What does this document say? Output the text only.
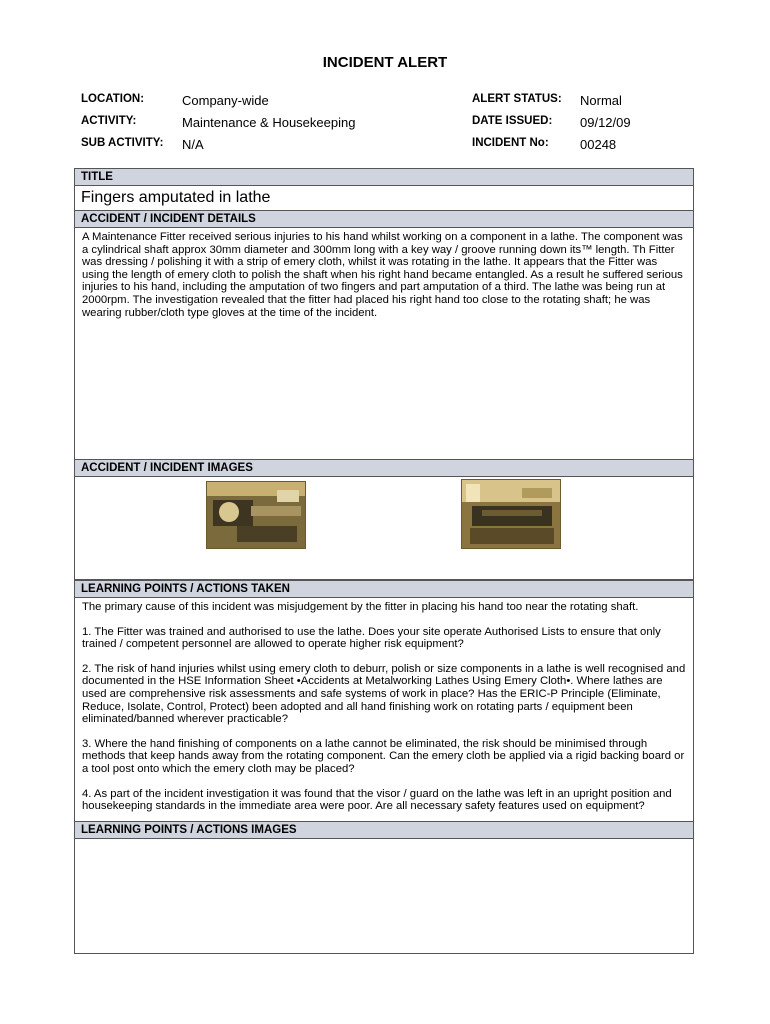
INCIDENT ALERT
LOCATION:	Company-wide
ACTIVITY:	Maintenance & Housekeeping
SUB ACTIVITY: N/A
ALERT STATUS: Normal
DATE ISSUED: 09/12/09
INCIDENT No: 00248
TITLE
Fingers amputated in lathe
ACCIDENT / INCIDENT DETAILS
A Maintenance Fitter received serious injuries to his hand whilst working on a component in a lathe. The component was a cylindrical shaft approx 30mm diameter and 300mm long with a key way / groove running down its™ length. Th Fitter was dressing / polishing it with a strip of emery cloth, whilst it was rotating in the lathe. It appears that the Fitter was using the length of emery cloth to polish the shaft when his right hand became entangled. As a result he suffered serious injuries to his hand, including the amputation of two fingers and part amputation of a third. The lathe was being run at 2000rpm. The investigation revealed that the fitter had placed his right hand too close to the rotating shaft; he was wearing rubber/cloth type gloves at the time of the incident.
ACCIDENT / INCIDENT IMAGES
LEARNING POINTS / ACTIONS TAKEN

The primary cause of this incident was misjudgement by the fitter in placing his hand too near the rotating shaft.

1. The Fitter was trained and authorised to use the lathe. Does your site operate Authorised Lists to ensure that only trained / competent personnel are allowed to operate higher risk equipment?

2. The risk of hand injuries whilst using emery cloth to deburr, polish or size components in a lathe is well recognised and documented in the HSE Information Sheet •Accidents at Metalworking Lathes Using Emery Cloth•. Where lathes are used are comprehensive risk assessments and safe systems of work in place? Has the ERIC-P Principle (Eliminate, Reduce, Isolate, Control, Protect) been adopted and all hand finishing work on rotating parts / equipment been eliminated/banned wherever practicable?

3. Where the hand finishing of components on a lathe cannot be eliminated, the risk should be minimised through methods that keep hands away from the rotating component. Can the emery cloth be applied via a rigid backing board or a tool post onto which the emery cloth may be placed?

4. As part of the incident investigation it was found that the visor / guard on the lathe was left in an upright position and housekeeping standards in the immediate area were poor. Are all necessary safety features used on equipment?

LEARNING POINTS / ACTIONS IMAGES
